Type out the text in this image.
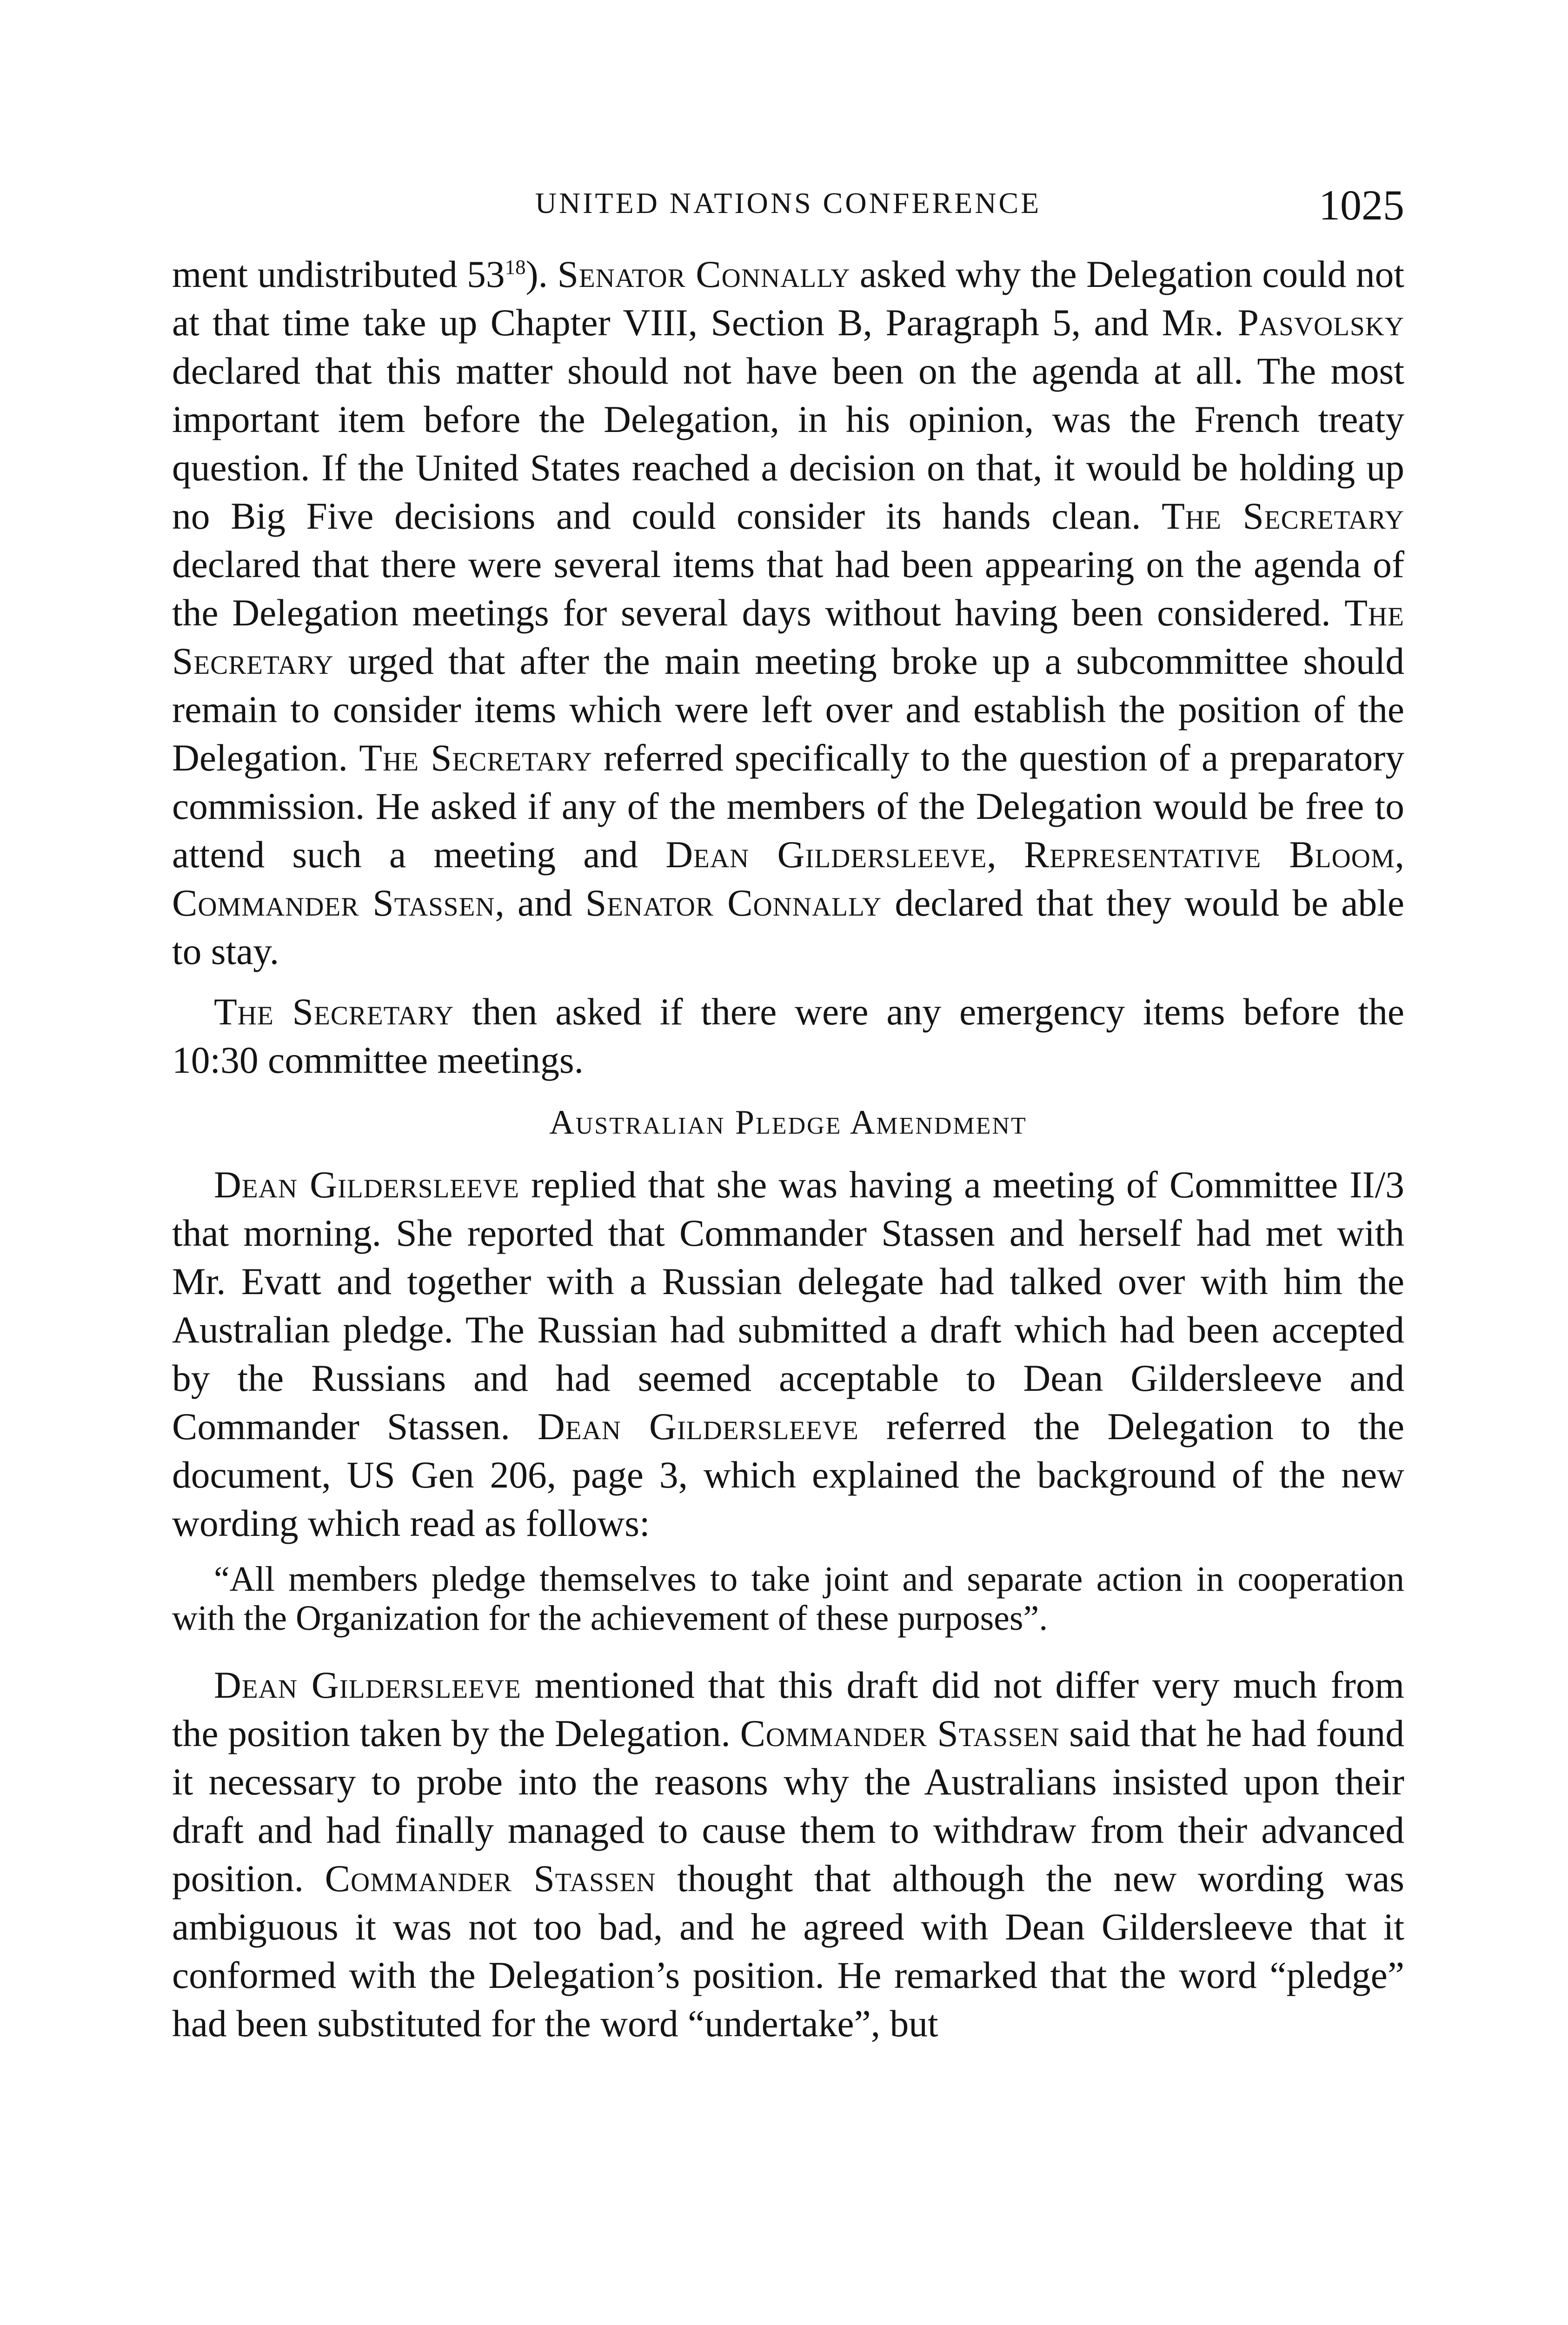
UNITED NATIONS CONFERENCE	1025

ment undistributed $53^{18}$). Senator Connally asked why the Delegation could not at that time take up Chapter VIII, Section B, Paragraph 5, and Mr. Pasvolsky declared that this matter should not have been on the agenda at all. The most important item before the Delegation, in his opinion, was the French treaty question. If the United States reached a decision on that, it would be holding up no Big Five decisions and could consider its hands clean. The Secretary declared that there were several items that had been appearing on the agenda of the Delegation meetings for several days without having been considered. The Secretary urged that after the main meeting broke up a subcommittee should remain to consider items which were left over and establish the position of the Delegation. The Secretary referred specifically to the question of a preparatory commission. He asked if any of the members of the Delegation would be free to attend such a meeting and Dean Gildersleeve, Representative Bloom, Commander Stassen, and Senator Connally declared that they would be able to stay.

The Secretary then asked if there were any emergency items before the 10:30 committee meetings.

Australian Pledge Amendment

Dean Gildersleeve replied that she was having a meeting of Committee II/3 that morning. She reported that Commander Stassen and herself had met with Mr. Evatt and together with a Russian delegate had talked over with him the Australian pledge. The Russian had submitted a draft which had been accepted by the Russians and had seemed acceptable to Dean Gildersleeve and Commander Stassen. Dean Gildersleeve referred the Delegation to the document, US Gen 206, page 3, which explained the background of the new wording which read as follows:

“All members pledge themselves to take joint and separate action in cooperation with the Organization for the achievement of these purposes”.

Dean Gildersleeve mentioned that this draft did not differ very much from the position taken by the Delegation. Commander Stassen said that he had found it necessary to probe into the reasons why the Australians insisted upon their draft and had finally managed to cause them to withdraw from their advanced position. Commander Stassen thought that although the new wording was ambiguous it was not too bad, and he agreed with Dean Gildersleeve that it conformed with the Delegation’s position. He remarked that the word “pledge” had been substituted for the word “undertake”, but
